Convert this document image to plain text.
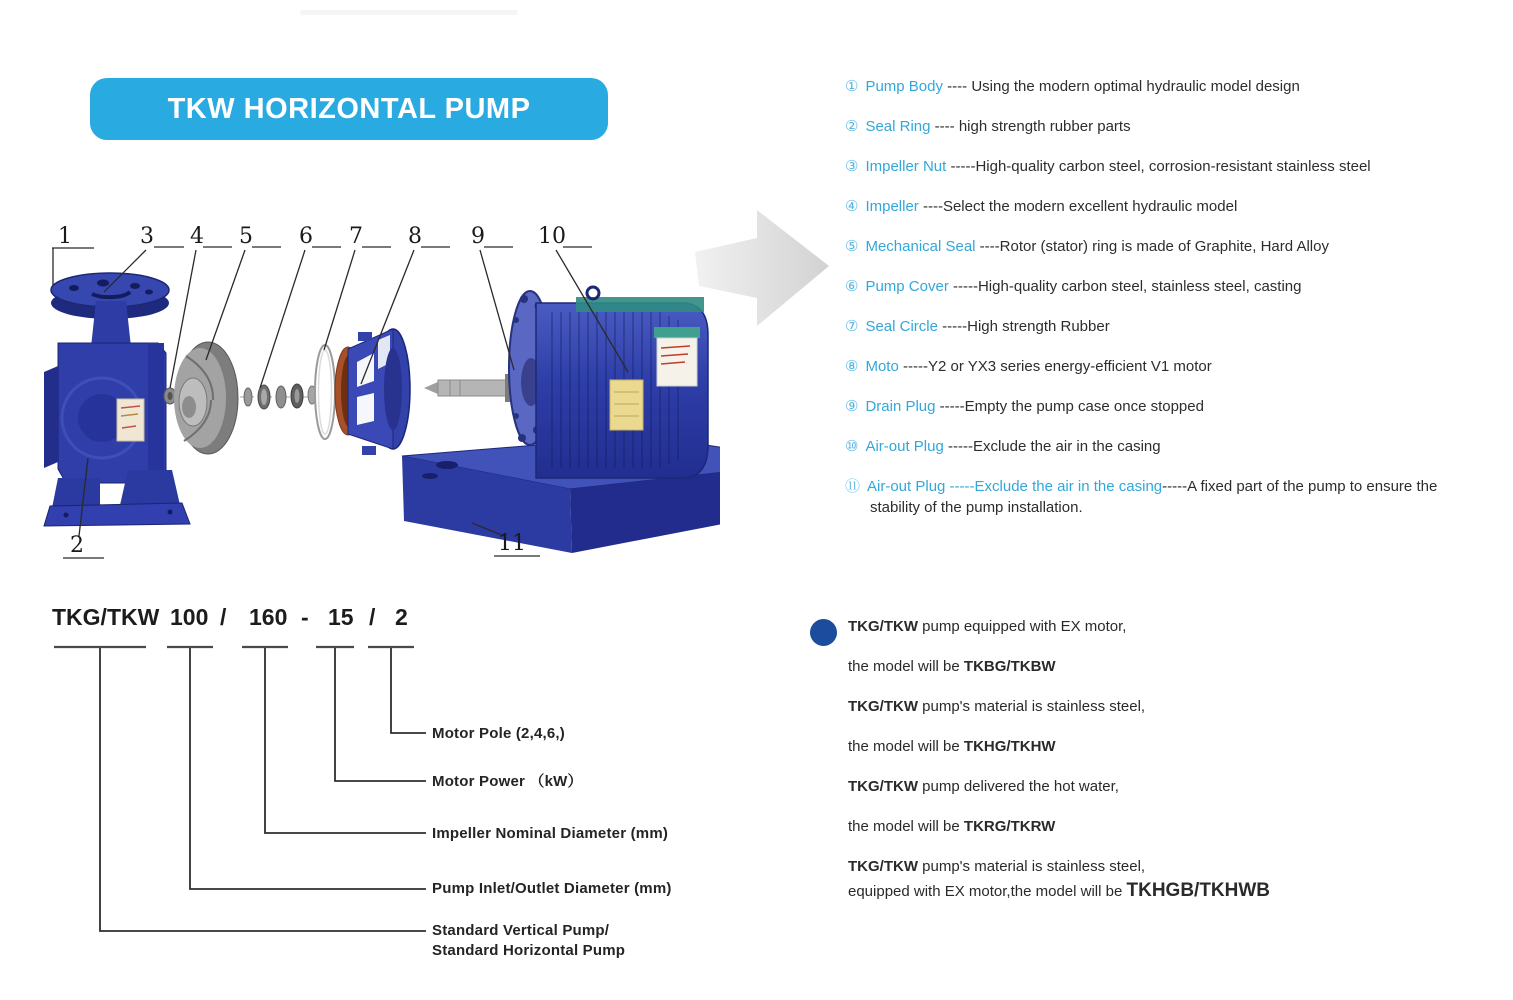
TKW HORIZONTAL PUMP
1	3 4 5 6 7 8 9 10
2	11
① Pump Body ---- Using the modern optimal hydraulic model design
② Seal Ring ---- high strength rubber parts
③ Impeller Nut -----High-quality carbon steel, corrosion-resistant stainless steel
④ Impeller ----Select the modern excellent hydraulic model
⑤ Mechanical Seal ----Rotor (stator) ring is made of Graphite, Hard Alloy
⑥ Pump Cover -----High-quality carbon steel, stainless steel, casting
⑦ Seal Circle -----High strength Rubber
⑧ Moto -----Y2 or YX3 series energy-efficient V1 motor
⑨ Drain Plug -----Empty the pump case once stopped
⑩ Air-out Plug -----Exclude the air in the casing
⑪ Air-out Plug -----Exclude the air in the casing-----A fixed part of the pump to ensure the stability of the pump installation.
TKG/TKW 100 / 160 - 15 / 2
Motor Pole (2,4,6,)
Motor Power （kW）
Impeller Nominal Diameter (mm)
Pump Inlet/Outlet Diameter (mm)
Standard Vertical Pump/
Standard Horizontal Pump
TKG/TKW pump equipped with EX motor,
the model will be TKBG/TKBW
TKG/TKW pump's material is stainless steel,
the model will be TKHG/TKHW
TKG/TKW pump delivered the hot water,
the model will be TKRG/TKRW
TKG/TKW pump's material is stainless steel,
equipped with EX motor,the model will be TKHGB/TKHWB
